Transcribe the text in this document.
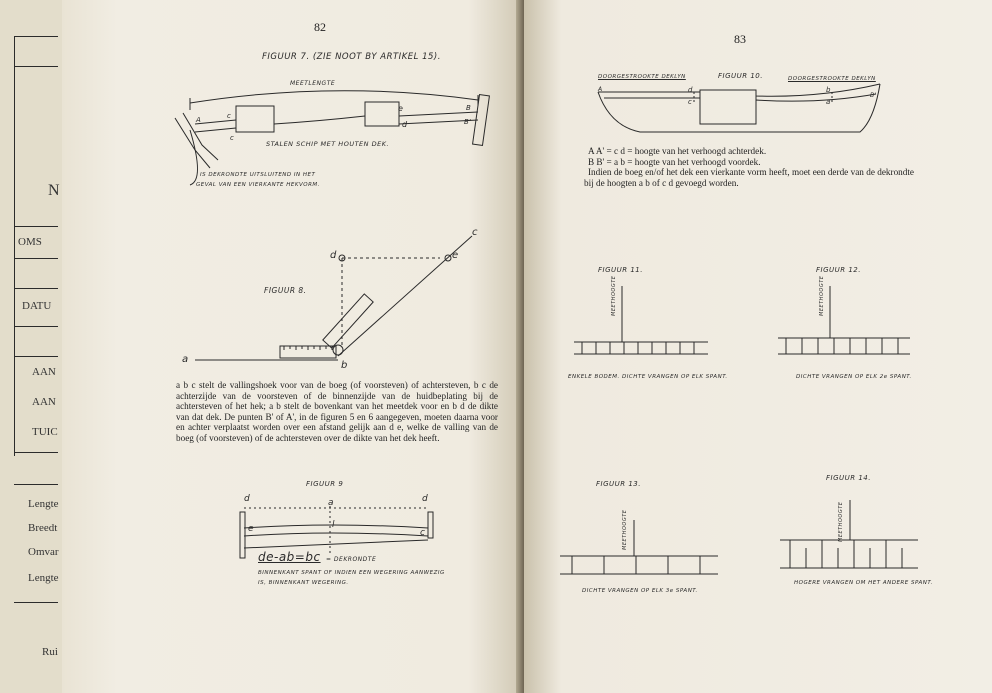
N
OMS
DATU
AAN
AAN
TUIC
Lengte
Breedt
Omvar
Lengte
Rui
82
FIGUUR 7. (ZIE NOOT BY ARTIKEL 15).
MEETLENGTE
A	c
e
d
B
B'
c
STALEN SCHIP MET HOUTEN DEK.
IS DEKRONDTE UITSLUITEND IN HET
GEVAL VAN EEN VIERKANTE HEKVORM.
FIGUUR 8.
a
b
c
d	e

a b c stelt de vallingshoek voor van de boeg (of voorsteven) of achtersteven, b c de achterzijde van de voorsteven of de binnenzijde van de huidbeplating bij de achtersteven of het hek; a b stelt de bovenkant van het meetdek voor en b d de dikte van dat dek. De punten B' of A', in de figuren 5 en 6 aangegeven, moeten daarna voor en achter verplaatst worden over een afstand gelijk aan d e, welke de valling van de boeg (of voorsteven) of de achtersteven over de dikte van het dek heeft.

FIGUUR 9
d	a	d
e	l
c
de-ab=bc = DEKRONDTE
BINNENKANT SPANT OF INDIEN EEN WEGERING AANWEZIG
IS, BINNENKANT WEGERING.
83
DOORGESTROOKTE DEKLYN	FIGUUR 10.	DOORGESTROOKTE DEKLYN
A	d
c
b
a
B'

A A' = c d = hoogte van het verhoogd achterdek.

B B' = a b = hoogte van het verhoogd voordek.

Indien de boeg en/of het dek een vierkante vorm heeft, moet een derde van de dekrondte bij de hoogten a b of c d gevoegd worden.

FIGUUR 11.
MEETHOOGTE
ENKELE BODEM. DICHTE VRANGEN OP ELK SPANT.
FIGUUR 12.
MEETHOOGTE
DICHTE VRANGEN OP ELK 2e SPANT.
FIGUUR 13.
MEETHOOGTE
DICHTE VRANGEN OP ELK 3e SPANT.
FIGUUR 14.
MEETHOOGTE
HOGERE VRANGEN OM HET ANDERE SPANT.
